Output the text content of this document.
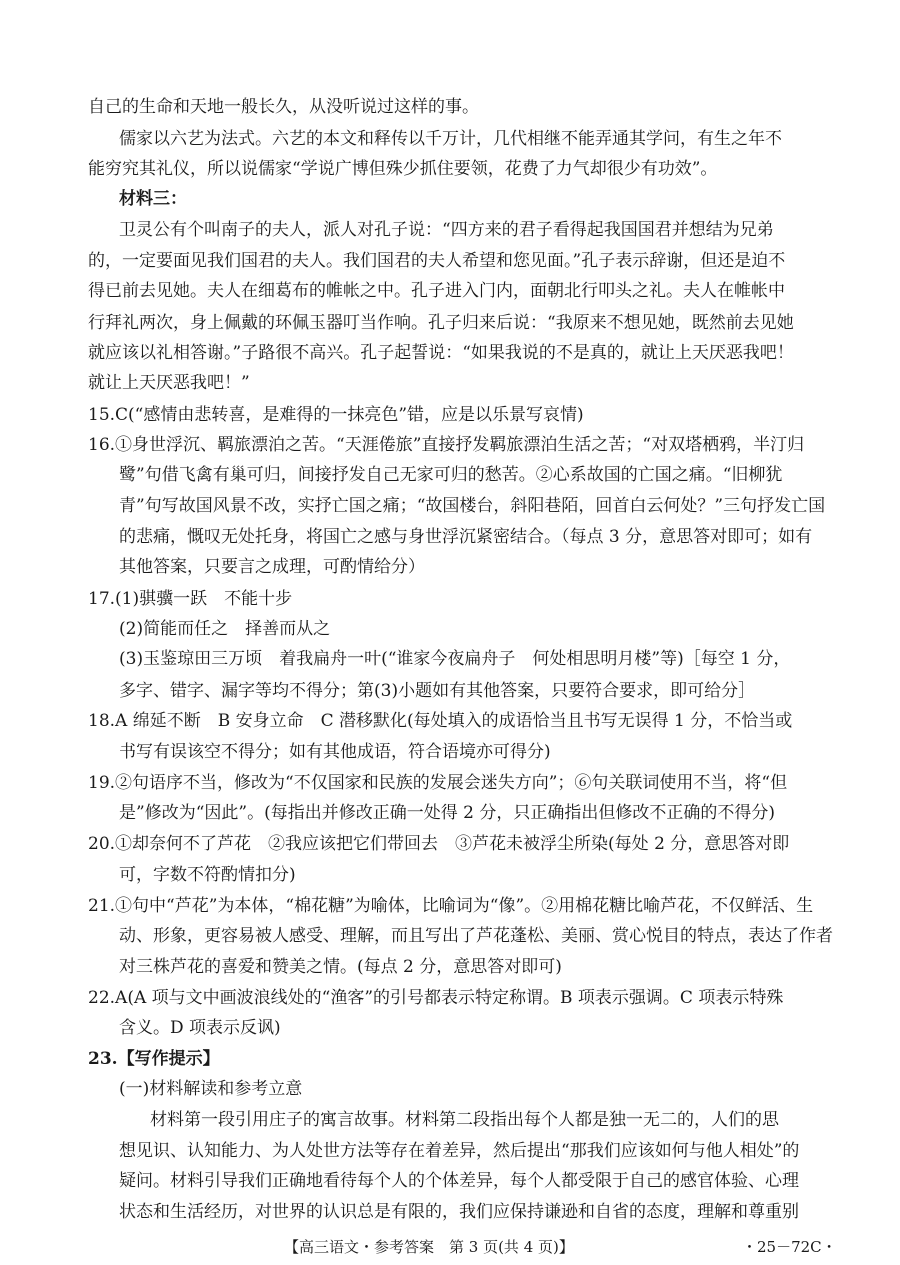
自己的生命和天地一般长久，从没听说过这样的事。
儒家以六艺为法式。六艺的本文和释传以千万计，几代相继不能弄通其学问，有生之年不
能穷究其礼仪，所以说儒家“学说广博但殊少抓住要领，花费了力气却很少有功效”。
材料三：
卫灵公有个叫南子的夫人，派人对孔子说：“四方来的君子看得起我国国君并想结为兄弟
的，一定要面见我们国君的夫人。我们国君的夫人希望和您见面。”孔子表示辞谢，但还是迫不
得已前去见她。夫人在细葛布的帷帐之中。孔子进入门内，面朝北行叩头之礼。夫人在帷帐中
行拜礼两次，身上佩戴的环佩玉器叮当作响。孔子归来后说：“我原来不想见她，既然前去见她
就应该以礼相答谢。”子路很不高兴。孔子起誓说：“如果我说的不是真的，就让上天厌恶我吧！
就让上天厌恶我吧！”
15.C(“感情由悲转喜，是难得的一抹亮色”错，应是以乐景写哀情)
16.①身世浮沉、羁旅漂泊之苦。“天涯倦旅”直接抒发羁旅漂泊生活之苦；“对双塔栖鸦，半汀归
鹭”句借飞禽有巢可归，间接抒发自己无家可归的愁苦。②心系故国的亡国之痛。“旧柳犹
青”句写故国风景不改，实抒亡国之痛；“故国楼台，斜阳巷陌，回首白云何处？”三句抒发亡国
的悲痛，慨叹无处托身，将国亡之感与身世浮沉紧密结合。（每点 3 分，意思答对即可；如有
其他答案，只要言之成理，可酌情给分）
17.(1)骐骥一跃　不能十步
(2)简能而任之　择善而从之
(3)玉鉴琼田三万顷　着我扁舟一叶(“谁家今夜扁舟子　何处相思明月楼”等)［每空 1 分，
多字、错字、漏字等均不得分；第(3)小题如有其他答案，只要符合要求，即可给分］
18.A 绵延不断　B 安身立命　C 潜移默化(每处填入的成语恰当且书写无误得 1 分，不恰当或
书写有误该空不得分；如有其他成语，符合语境亦可得分)
19.②句语序不当，修改为“不仅国家和民族的发展会迷失方向”；⑥句关联词使用不当，将“但
是”修改为“因此”。(每指出并修改正确一处得 2 分，只正确指出但修改不正确的不得分)
20.①却奈何不了芦花　②我应该把它们带回去　③芦花未被浮尘所染(每处 2 分，意思答对即
可，字数不符酌情扣分)
21.①句中“芦花”为本体，“棉花糖”为喻体，比喻词为“像”。②用棉花糖比喻芦花，不仅鲜活、生
动、形象，更容易被人感受、理解，而且写出了芦花蓬松、美丽、赏心悦目的特点，表达了作者
对三株芦花的喜爱和赞美之情。(每点 2 分，意思答对即可)
22.A(A 项与文中画波浪线处的“渔客”的引号都表示特定称谓。B 项表示强调。C 项表示特殊
含义。D 项表示反讽)
23.【写作提示】
(一)材料解读和参考立意
材料第一段引用庄子的寓言故事。材料第二段指出每个人都是独一无二的，人们的思
想见识、认知能力、为人处世方法等存在着差异，然后提出“那我们应该如何与他人相处”的
疑问。材料引导我们正确地看待每个人的个体差异，每个人都受限于自己的感官体验、心理
状态和生活经历，对世界的认识总是有限的，我们应保持谦逊和自省的态度，理解和尊重别
【高三语文・参考答案　第 3 页(共 4 页)】	・25－72C・
